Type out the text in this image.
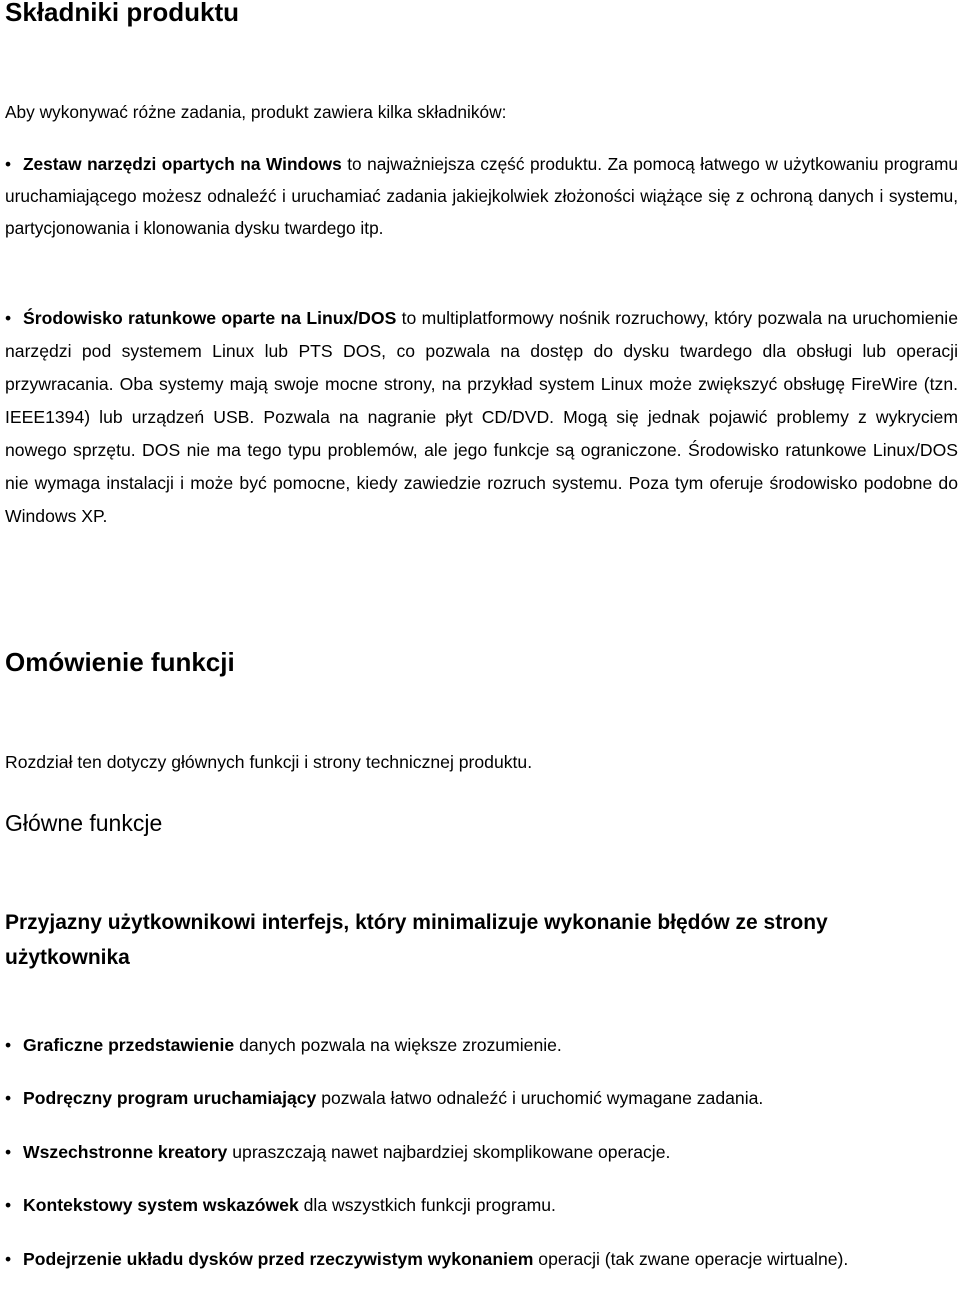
Składniki produktu

Aby wykonywać różne zadania, produkt zawiera kilka składników:

• Zestaw narzędzi opartych na Windows to najważniejsza część produktu. Za pomocą łatwego w użytkowaniu programu uruchamiającego możesz odnaleźć i uruchamiać zadania jakiejkolwiek złożoności wiążące się z ochroną danych i systemu, partycjonowania i klonowania dysku twardego itp.

• Środowisko ratunkowe oparte na Linux/DOS to multiplatformowy nośnik rozruchowy, który pozwala na uruchomienie narzędzi pod systemem Linux lub PTS DOS, co pozwala na dostęp do dysku twardego dla obsługi lub operacji przywracania. Oba systemy mają swoje mocne strony, na przykład system Linux może zwiększyć obsługę FireWire (tzn. IEEE1394) lub urządzeń USB. Pozwala na nagranie płyt CD/DVD. Mogą się jednak pojawić problemy z wykryciem nowego sprzętu. DOS nie ma tego typu problemów, ale jego funkcje są ograniczone. Środowisko ratunkowe Linux/DOS nie wymaga instalacji i może być pomocne, kiedy zawiedzie rozruch systemu. Poza tym oferuje środowisko podobne do Windows XP.

Omówienie funkcji

Rozdział ten dotyczy głównych funkcji i strony technicznej produktu.

Główne funkcje
Przyjazny użytkownikowi interfejs, który minimalizuje wykonanie błędów ze strony użytkownika

• Graficzne przedstawienie danych pozwala na większe zrozumienie.

• Podręczny program uruchamiający pozwala łatwo odnaleźć i uruchomić wymagane zadania.

• Wszechstronne kreatory upraszczają nawet najbardziej skomplikowane operacje.

• Kontekstowy system wskazówek dla wszystkich funkcji programu.

• Podejrzenie układu dysków przed rzeczywistym wykonaniem operacji (tak zwane operacje wirtualne).
